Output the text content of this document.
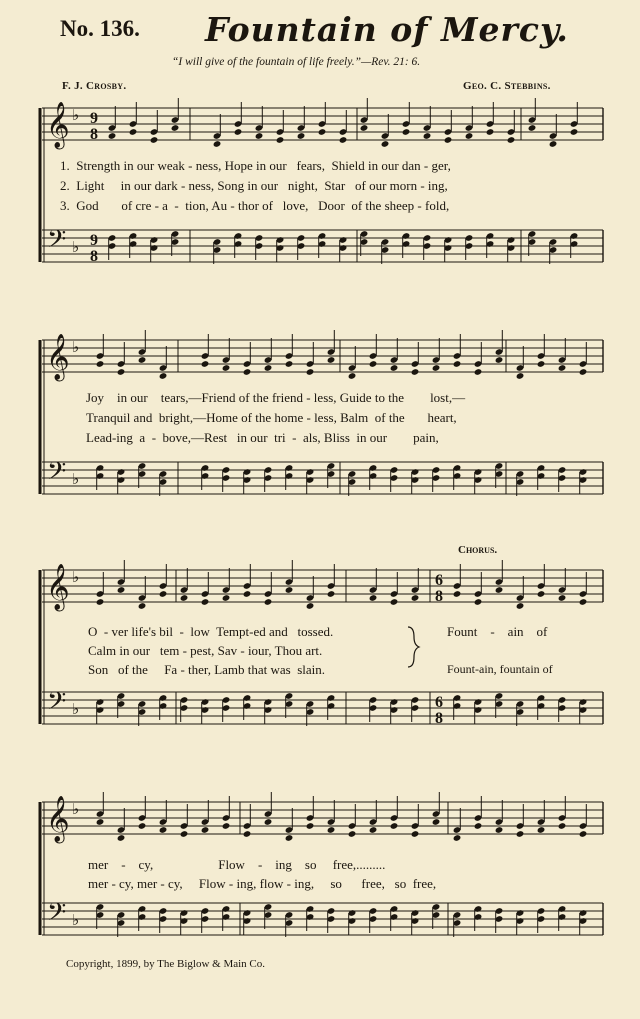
No. 136. Fountain of Mercy.
“I will give of the fountain of life freely.”—Rev. 21: 6.
F. J. Crosby.	Geo. C. Stebbins.
𝄞
𝄢
♭
♭
9
8
9
8
𝄞
𝄢
♭
♭
𝄞
𝄢
♭
♭
6
8
6
8
𝄞
𝄢
♭
♭
1.  Strength in our weak - ness, Hope in our   fears,  Shield in our dan - ger,
2.  Light     in our dark - ness, Song in our   night,  Star   of our morn - ing,
3.  God       of cre - a  -  tion, Au - thor of   love,   Door  of the sheep - fold,
Joy    in our    tears,—Friend of the friend - less, Guide to the        lost,—
Tranquil and  bright,—Home of the home - less, Balm  of the       heart,
Lead-ing  a  -  bove,—Rest   in our  tri  -  als, Bliss  in our        pain,
Chorus.
O  - ver life's bil  -  low  Tempt-ed and   tossed.
Calm in our   tem - pest, Sav - iour, Thou art.
Son   of the     Fa - ther, Lamb that was  slain.
Fount    -    ain    of
Fount-ain, fountain of
mer    -    cy,                    Flow    -    ing    so     free,.........
mer - cy, mer - cy,     Flow - ing, flow - ing,     so      free,   so  free,
Copyright, 1899, by The Biglow & Main Co.
